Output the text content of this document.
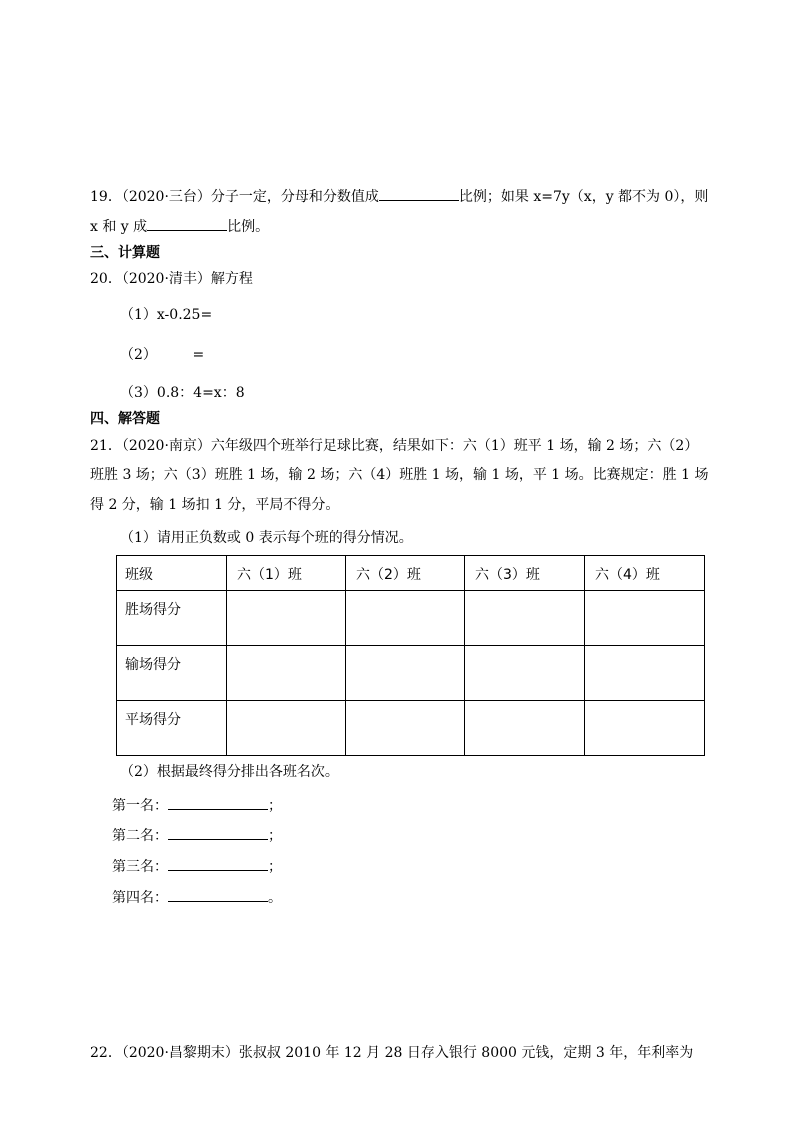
19．（2020·三台）分子一定，分母和分数值成	比例；如果 x=7y（x，y 都不为 0），则
x 和 y 成	比例。
三、计算题
20．（2020·清丰）解方程
（1）x-0.25=
（2）        =
（3）0.8：4=x：8
四、解答题
21．（2020·南京）六年级四个班举行足球比赛，结果如下：六（1）班平 1 场，输 2 场；六（2）
班胜 3 场；六（3）班胜 1 场，输 2 场；六（4）班胜 1 场，输 1 场，平 1 场。比赛规定：胜 1 场
得 2 分，输 1 场扣 1 分，平局不得分。
（1）请用正负数或 0 表示每个班的得分情况。
班级	六（1）班	六（2）班	六（3）班	六（4）班
胜场得分				
输场得分				
平场得分				
（2）根据最终得分排出各班名次。
第一名：	；
第二名：	；
第三名：	；
第四名：	。
22．（2020·昌黎期末）张叔叔 2010 年 12 月 28 日存入银行 8000 元钱，定期 3 年，年利率为
